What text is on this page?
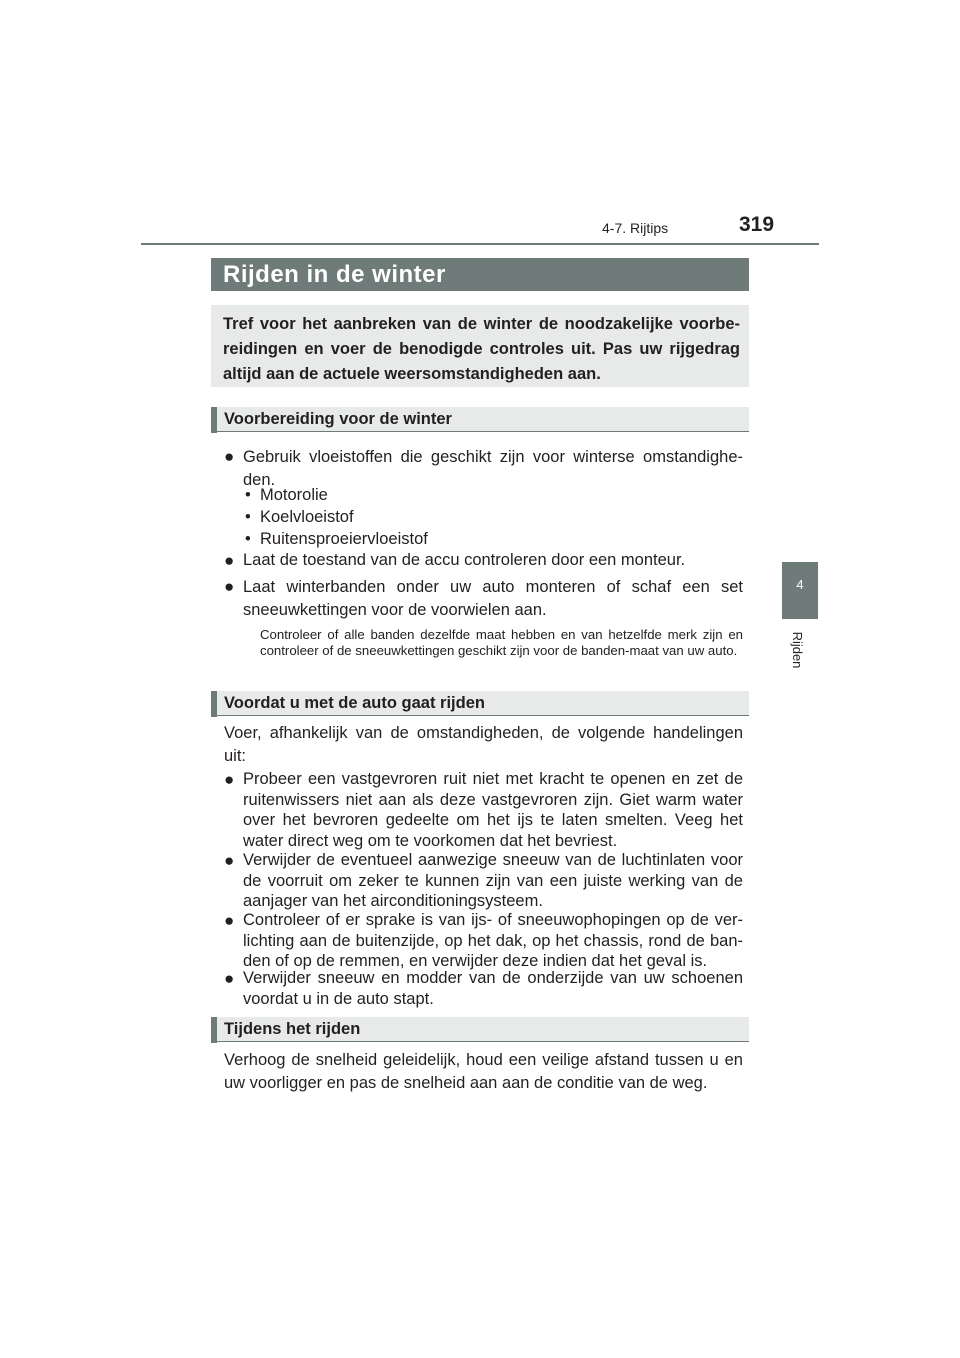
4-7. Rijtips	319
4
Rijden
Rijden in de winter
Tref voor het aanbreken van de winter de noodzakelijke voorbe-reidingen en voer de benodigde controles uit. Pas uw rijgedrag altijd aan de actuele weersomstandigheden aan.
Voorbereiding voor de winter
● Gebruik vloeistoffen die geschikt zijn voor winterse omstandighe-den.
• Motorolie
• Koelvloeistof
• Ruitensproeiervloeistof
● Laat de toestand van de accu controleren door een monteur.
● Laat winterbanden onder uw auto monteren of schaf een set sneeuwkettingen voor de voorwielen aan.
Controleer of alle banden dezelfde maat hebben en van hetzelfde merk zijn en controleer of de sneeuwkettingen geschikt zijn voor de banden-maat van uw auto.
Voordat u met de auto gaat rijden
Voer, afhankelijk van de omstandigheden, de volgende handelingen uit:
● Probeer een vastgevroren ruit niet met kracht te openen en zet de ruitenwissers niet aan als deze vastgevroren zijn. Giet warm water over het bevroren gedeelte om het ijs te laten smelten. Veeg het water direct weg om te voorkomen dat het bevriest.
● Verwijder de eventueel aanwezige sneeuw van de luchtinlaten voor de voorruit om zeker te kunnen zijn van een juiste werking van de aanjager van het airconditioningsysteem.
● Controleer of er sprake is van ijs- of sneeuwophopingen op de ver-lichting aan de buitenzijde, op het dak, op het chassis, rond de ban-den of op de remmen, en verwijder deze indien dat het geval is.
● Verwijder sneeuw en modder van de onderzijde van uw schoenen voordat u in de auto stapt.
Tijdens het rijden
Verhoog de snelheid geleidelijk, houd een veilige afstand tussen u en uw voorligger en pas de snelheid aan aan de conditie van de weg.
